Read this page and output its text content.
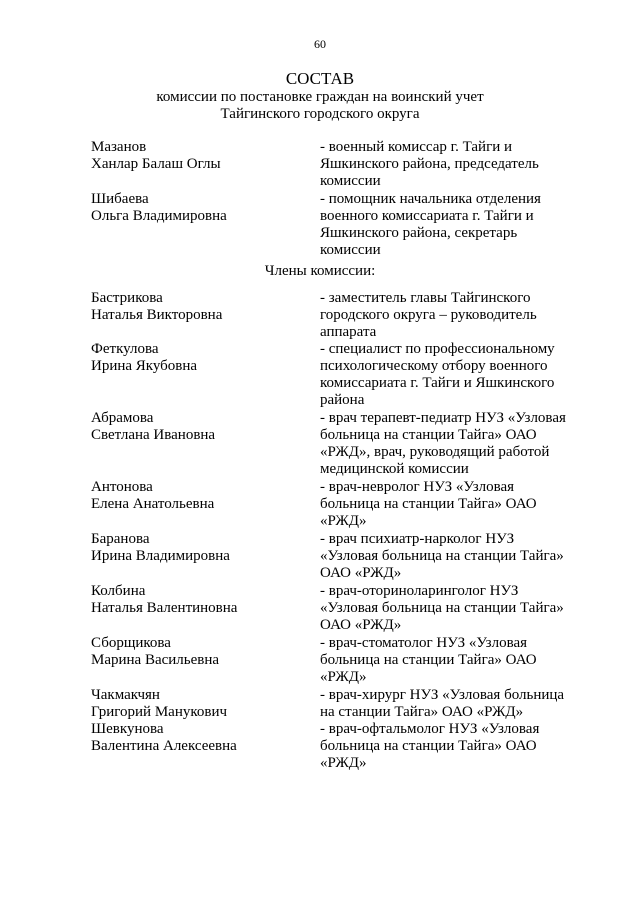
60
СОСТАВ
комиссии по постановке граждан на воинский учет
Тайгинского городского округа
Мазанов
Ханлар Балаш Оглы
- военный комиссар г. Тайги и
Яшкинского района, председатель
комиссии
Шибаева
Ольга Владимировна
- помощник начальника отделения
военного комиссариата г. Тайги и
Яшкинского района, секретарь
комиссии
Члены комиссии:
Бастрикова
Наталья Викторовна
- заместитель главы Тайгинского
городского округа – руководитель
аппарата
Феткулова
Ирина Якубовна
- специалист по профессиональному
психологическому отбору военного
комиссариата г. Тайги и Яшкинского
района
Абрамова
Светлана Ивановна
- врач терапевт-педиатр НУЗ «Узловая
больница на станции Тайга» ОАО
«РЖД», врач, руководящий работой
медицинской комиссии
Антонова
Елена Анатольевна
- врач-невролог НУЗ «Узловая
больница на станции Тайга» ОАО
«РЖД»
Баранова
Ирина Владимировна
- врач психиатр-нарколог НУЗ
«Узловая больница на станции Тайга»
ОАО «РЖД»
Колбина
Наталья Валентиновна
- врач-оториноларинголог НУЗ
«Узловая больница на станции Тайга»
ОАО «РЖД»
Сборщикова
Марина Васильевна
- врач-стоматолог НУЗ «Узловая
больница на станции Тайга» ОАО
«РЖД»
Чакмакчян
Григорий Манукович
- врач-хирург НУЗ «Узловая больница
на станции Тайга» ОАО «РЖД»
Шевкунова
Валентина Алексеевна
- врач-офтальмолог НУЗ «Узловая
больница на станции Тайга» ОАО
«РЖД»
